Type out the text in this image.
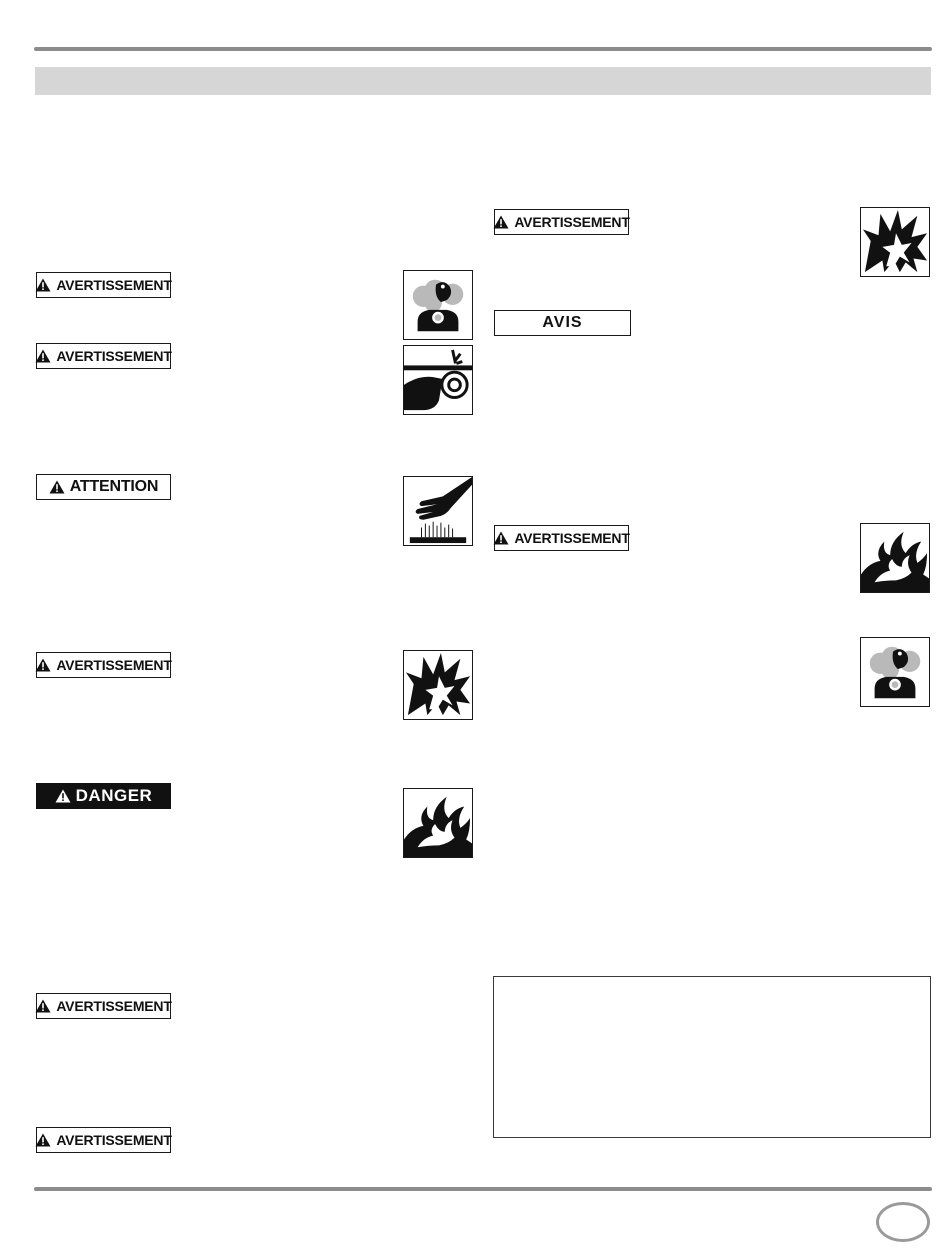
AVERTISSEMENT
AVERTISSEMENT
ATTENTION
AVERTISSEMENT
DANGER
AVERTISSEMENT
AVERTISSEMENT
AVERTISSEMENT
AVIS
AVERTISSEMENT
